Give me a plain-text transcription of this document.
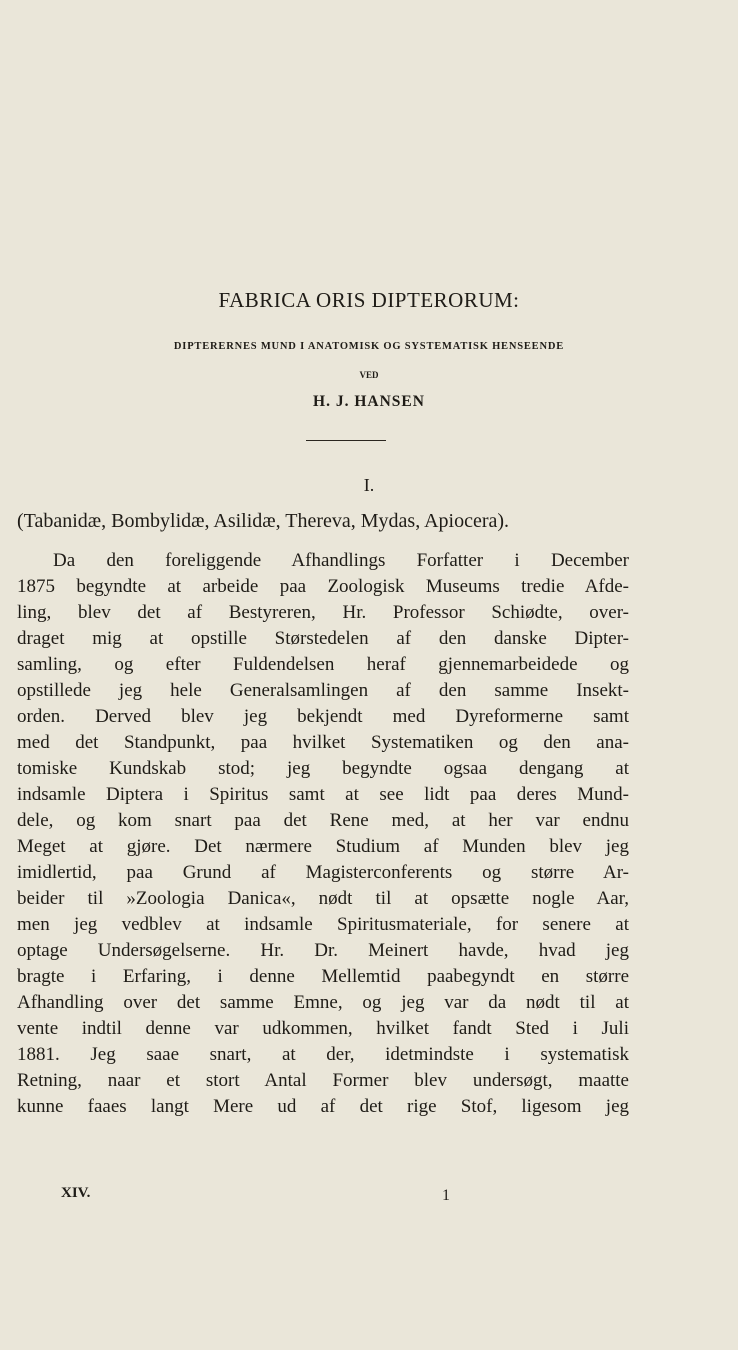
FABRICA ORIS DIPTERORUM:
DIPTERERNES MUND I ANATOMISK OG SYSTEMATISK HENSEENDE
VED
H. J. HANSEN
I.
(Tabanidæ, Bombylidæ, Asilidæ, Thereva, Mydas, Apiocera).
Da den foreliggende Afhandlings Forfatter i December
1875 begyndte at arbeide paa Zoologisk Museums tredie Afde-
ling, blev det af Bestyreren, Hr. Professor Schiødte, over-
draget mig at opstille Størstedelen af den danske Dipter-
samling, og efter Fuldendelsen heraf gjennemarbeidede og
opstillede jeg hele Generalsamlingen af den samme Insekt-
orden. Derved blev jeg bekjendt med Dyreformerne samt
med det Standpunkt, paa hvilket Systematiken og den ana-
tomiske Kundskab stod; jeg begyndte ogsaa dengang at
indsamle Diptera i Spiritus samt at see lidt paa deres Mund-
dele, og kom snart paa det Rene med, at her var endnu
Meget at gjøre. Det nærmere Studium af Munden blev jeg
imidlertid, paa Grund af Magisterconferents og større Ar-
beider til »Zoologia Danica«, nødt til at opsætte nogle Aar,
men jeg vedblev at indsamle Spiritusmateriale, for senere at
optage Undersøgelserne. Hr. Dr. Meinert havde, hvad jeg
bragte i Erfaring, i denne Mellemtid paabegyndt en større
Afhandling over det samme Emne, og jeg var da nødt til at
vente indtil denne var udkommen, hvilket fandt Sted i Juli
1881. Jeg saae snart, at der, idetmindste i systematisk
Retning, naar et stort Antal Former blev undersøgt, maatte
kunne faaes langt Mere ud af det rige Stof, ligesom jeg
XIV.	1
